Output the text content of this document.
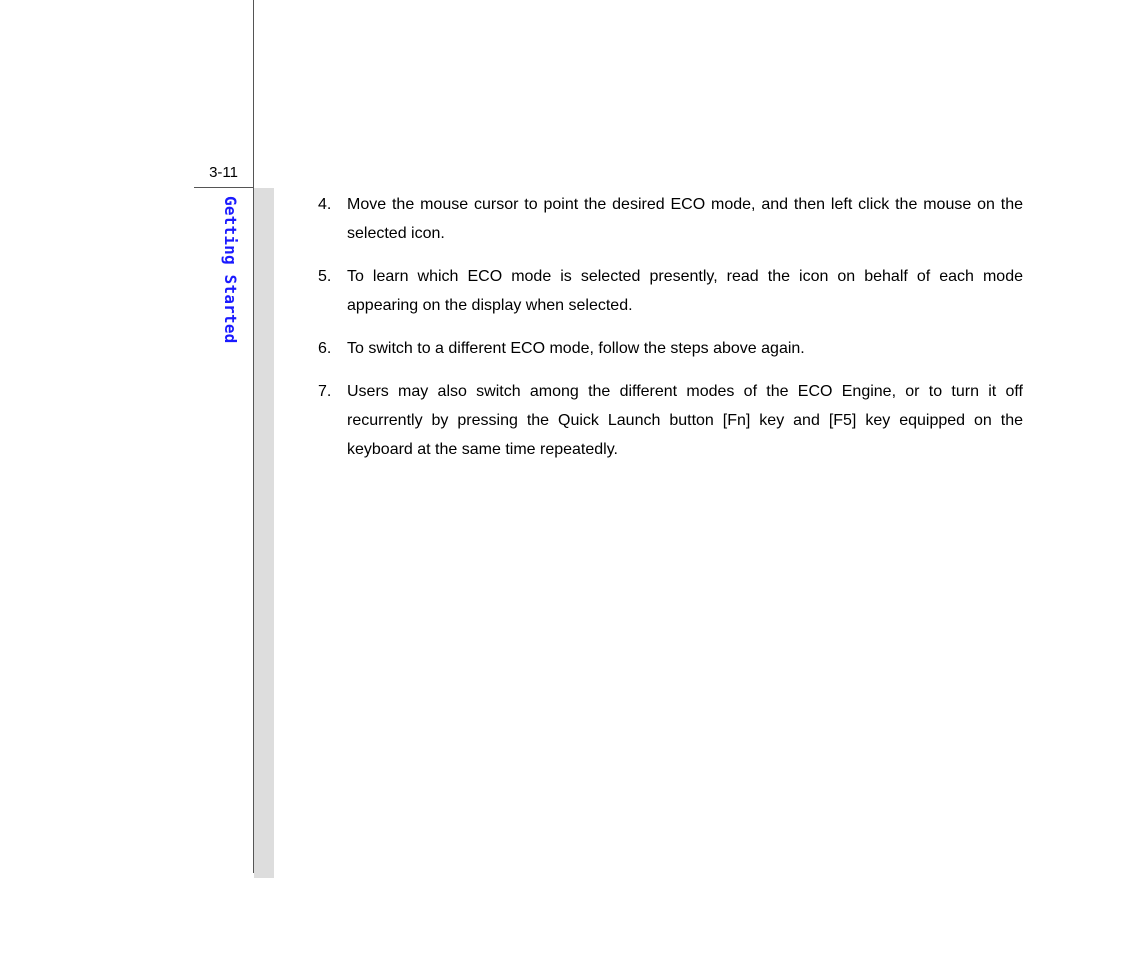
3-11
Getting Started	4. Move the mouse cursor to point the desired ECO mode, and then left click the mouse on the selected icon.
5. To learn which ECO mode is selected presently, read the icon on behalf of each mode appearing on the display when selected.
6. To switch to a different ECO mode, follow the steps above again.
7. Users may also switch among the different modes of the ECO Engine, or to turn it off recurrently by pressing the Quick Launch button [Fn] key and [F5] key equipped on the keyboard at the same time repeatedly.
